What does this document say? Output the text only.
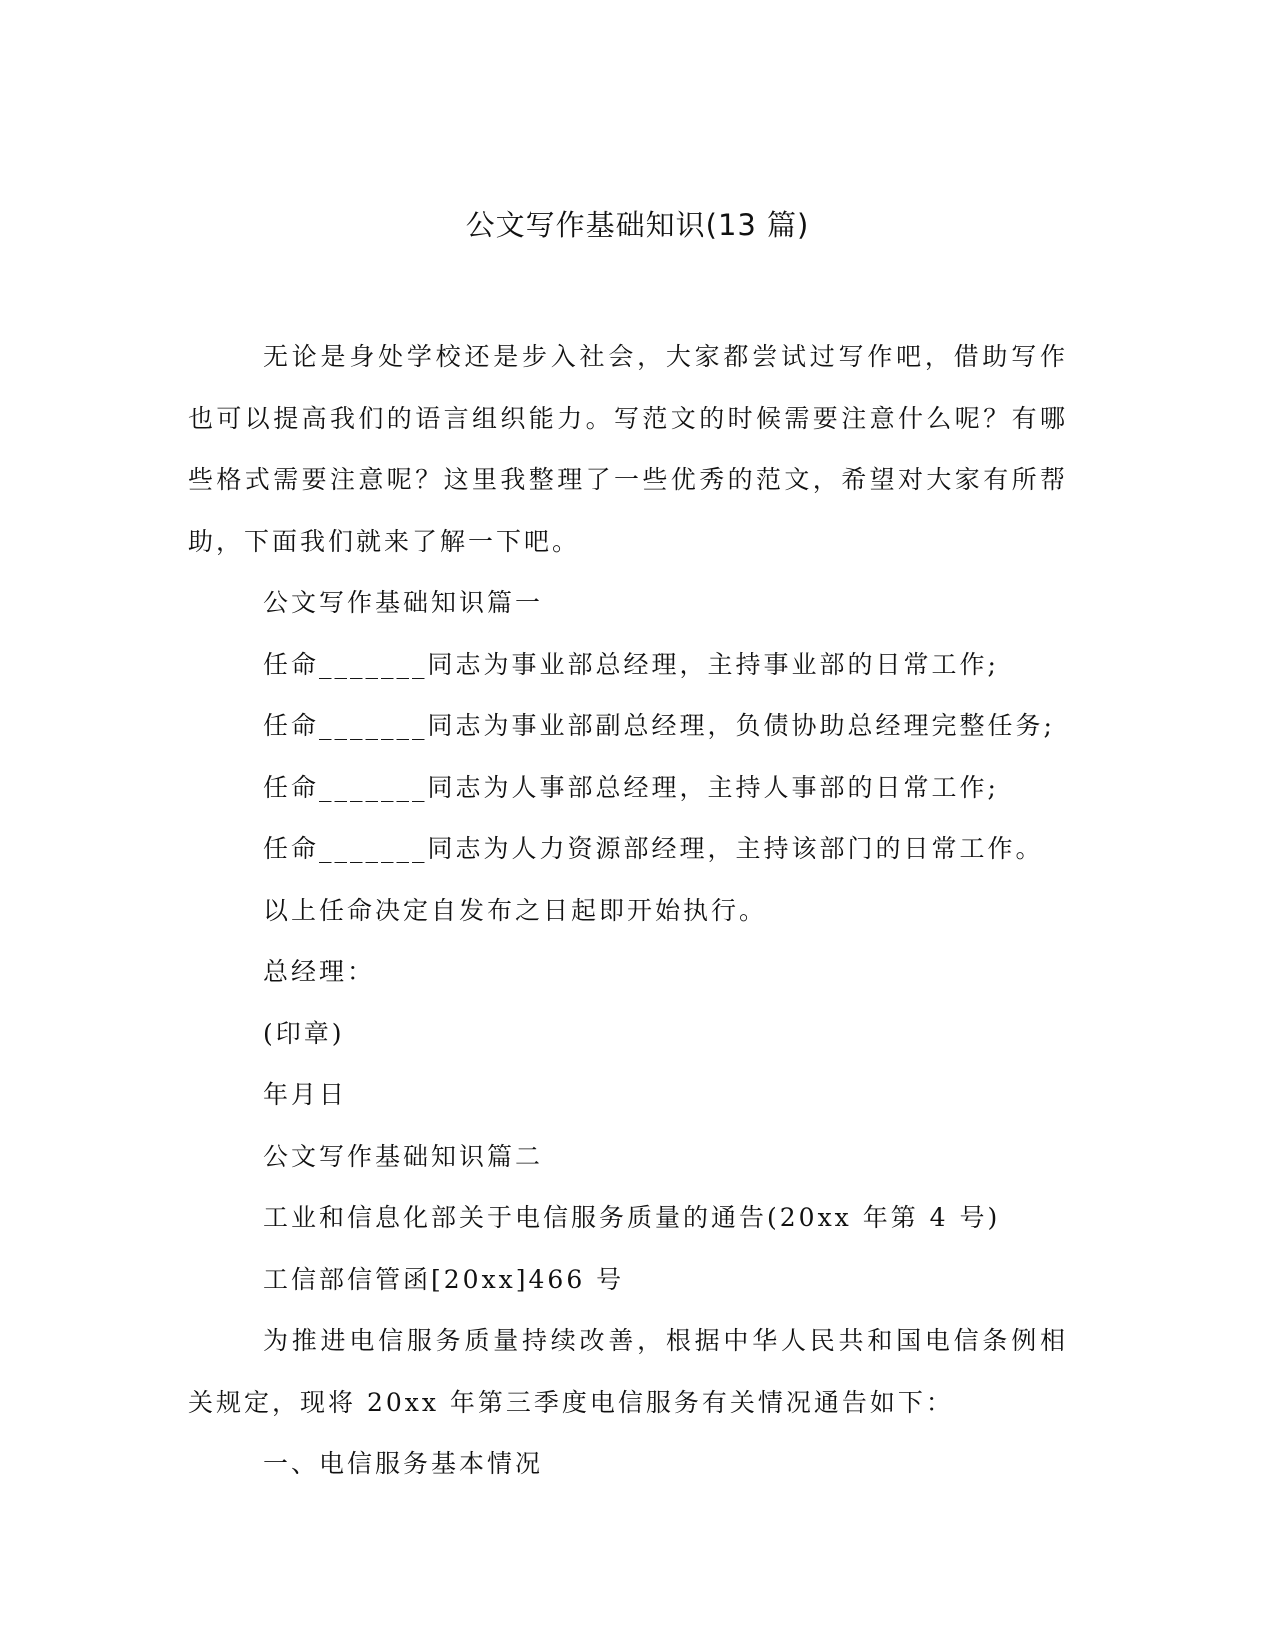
公文写作基础知识(13 篇)

无论是身处学校还是步入社会，大家都尝试过写作吧，借助写作也可以提高我们的语言组织能力。写范文的时候需要注意什么呢？有哪些格式需要注意呢？这里我整理了一些优秀的范文，希望对大家有所帮助，下面我们就来了解一下吧。

公文写作基础知识篇一

任命_______同志为事业部总经理，主持事业部的日常工作;

任命_______同志为事业部副总经理，负债协助总经理完整任务;

任命_______同志为人事部总经理，主持人事部的日常工作;

任命_______同志为人力资源部经理，主持该部门的日常工作。

以上任命决定自发布之日起即开始执行。

总经理：

(印章)

年月日

公文写作基础知识篇二

工业和信息化部关于电信服务质量的通告(20xx 年第 4 号)

工信部信管函[20xx]466 号

为推进电信服务质量持续改善，根据中华人民共和国电信条例相关规定，现将 20xx 年第三季度电信服务有关情况通告如下：

一、电信服务基本情况
